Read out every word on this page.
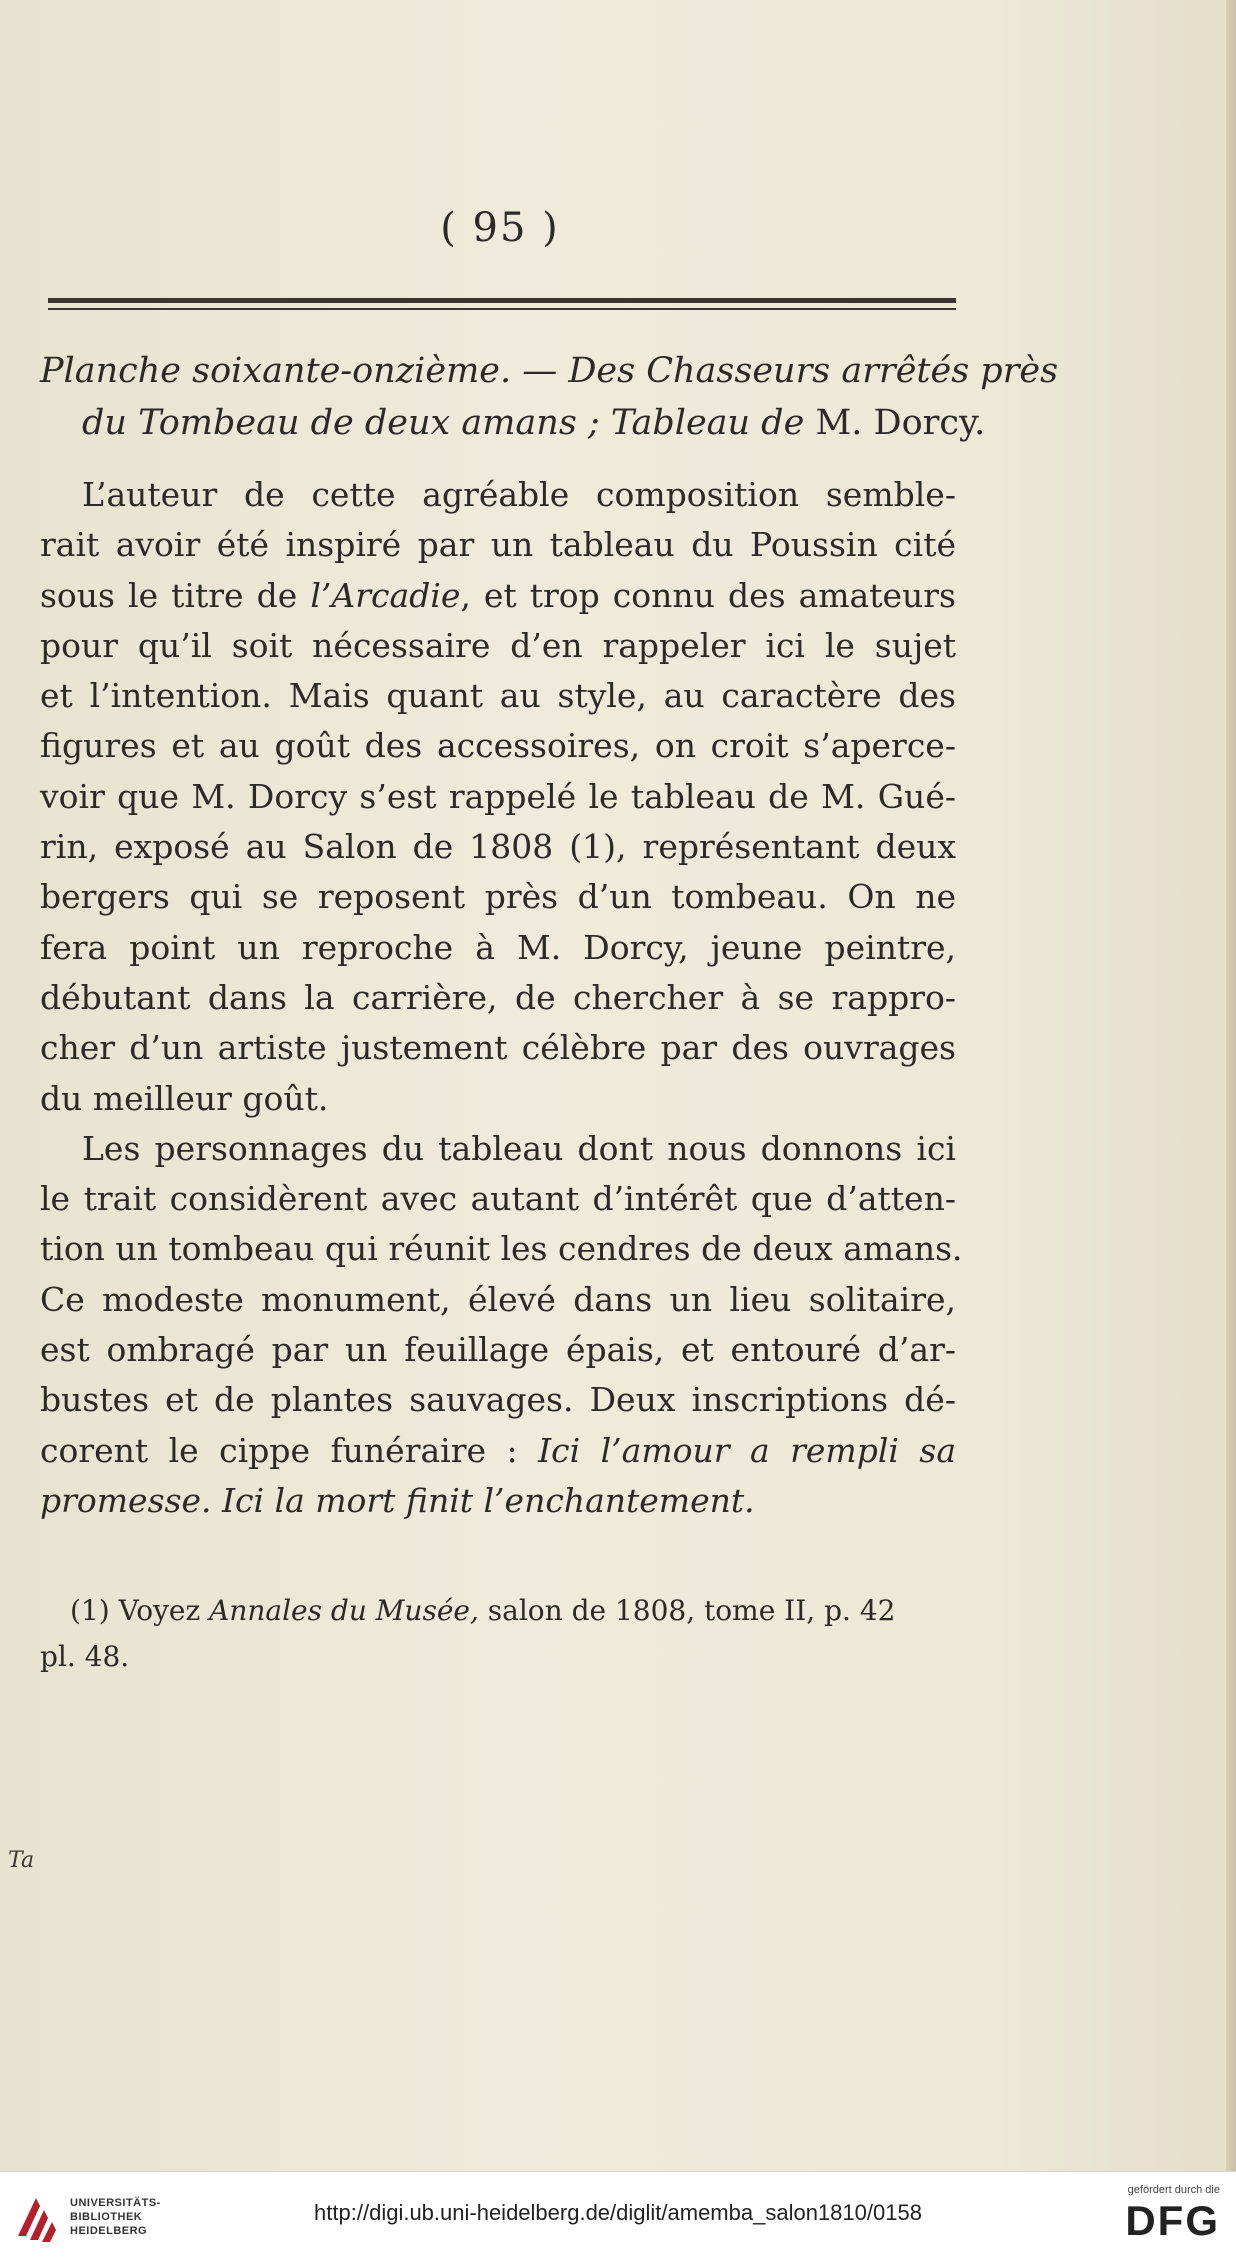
( 95 )
Planche soixante-onzième. — Des Chasseurs arrêtés près
du Tombeau de deux amans ; Tableau de M. Dorcy.
L’auteur de cette agréable composition semble-
rait avoir été inspiré par un tableau du Poussin cité
sous le titre de l’Arcadie, et trop connu des amateurs
pour qu’il soit nécessaire d’en rappeler ici le sujet
et l’intention. Mais quant au style, au caractère des
figures et au goût des accessoires, on croit s’aperce-
voir que M. Dorcy s’est rappelé le tableau de M. Gué-
rin, exposé au Salon de 1808 (1), représentant deux
bergers qui se reposent près d’un tombeau. On ne
fera point un reproche à M. Dorcy, jeune peintre,
débutant dans la carrière, de chercher à se rappro-
cher d’un artiste justement célèbre par des ouvrages
du meilleur goût.
Les personnages du tableau dont nous donnons ici
le trait considèrent avec autant d’intérêt que d’atten-
tion un tombeau qui réunit les cendres de deux amans.
Ce modeste monument, élevé dans un lieu solitaire,
est ombragé par un feuillage épais, et entouré d’ar-
bustes et de plantes sauvages. Deux inscriptions dé-
corent le cippe funéraire : Ici l’amour a rempli sa
promesse. Ici la mort finit l’enchantement.
(1) Voyez Annales du Musée, salon de 1808, tome II, p. 42
pl. 48.
Ta
UNIVERSITÄTS-
BIBLIOTHEK
HEIDELBERG
http://digi.ub.uni-heidelberg.de/diglit/amemba_salon1810/0158
gefördert durch die
DFG
